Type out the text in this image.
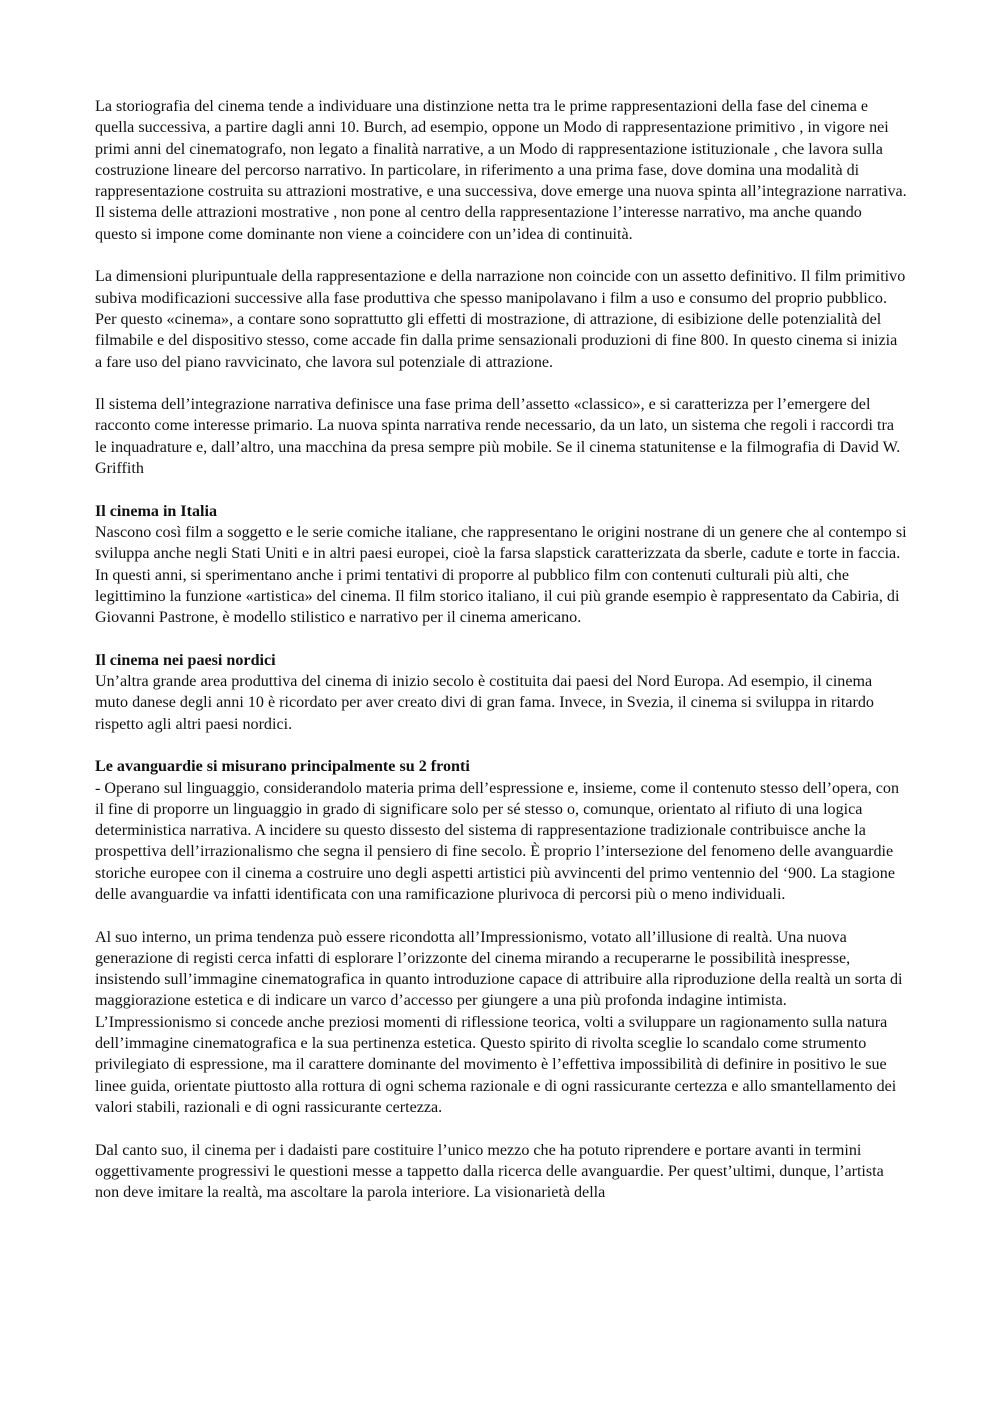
La storiografia del cinema tende a individuare una distinzione netta tra le prime rappresentazioni della fase del cinema e quella successiva, a partire dagli anni 10. Burch, ad esempio, oppone un Modo di rappresentazione primitivo , in vigore nei primi anni del cinematografo, non legato a finalità narrative, a un Modo di rappresentazione istituzionale , che lavora sulla costruzione lineare del percorso narrativo. In particolare, in riferimento a una prima fase, dove domina una modalità di rappresentazione costruita su attrazioni mostrative, e una successiva, dove emerge una nuova spinta all’integrazione narrativa. Il sistema delle attrazioni mostrative , non pone al centro della rappresentazione l’interesse narrativo, ma anche quando questo si impone come dominante non viene a coincidere con un’idea di continuità.
La dimensioni pluripuntuale della rappresentazione e della narrazione non coincide con un assetto definitivo. Il film primitivo subiva modificazioni successive alla fase produttiva che spesso manipolavano i film a uso e consumo del proprio pubblico. Per questo «cinema», a contare sono soprattutto gli effetti di mostrazione, di attrazione, di esibizione delle potenzialità del filmabile e del dispositivo stesso, come accade fin dalla prime sensazionali produzioni di fine 800. In questo cinema si inizia a fare uso del piano ravvicinato, che lavora sul potenziale di attrazione.
Il sistema dell’integrazione narrativa definisce una fase prima dell’assetto «classico», e si caratterizza per l’emergere del racconto come interesse primario. La nuova spinta narrativa rende necessario, da un lato, un sistema che regoli i raccordi tra le inquadrature e, dall’altro, una macchina da presa sempre più mobile. Se il cinema statunitense e la filmografia di David W. Griffith
Il cinema in Italia
Nascono così film a soggetto e le serie comiche italiane, che rappresentano le origini nostrane di un genere che al contempo si sviluppa anche negli Stati Uniti e in altri paesi europei, cioè la farsa slapstick caratterizzata da sberle, cadute e torte in faccia. In questi anni, si sperimentano anche i primi tentativi di proporre al pubblico film con contenuti culturali più alti, che legittimino la funzione «artistica» del cinema. Il film storico italiano, il cui più grande esempio è rappresentato da Cabiria, di Giovanni Pastrone, è modello stilistico e narrativo per il cinema americano.
Il cinema nei paesi nordici
Un’altra grande area produttiva del cinema di inizio secolo è costituita dai paesi del Nord Europa. Ad esempio, il cinema muto danese degli anni 10 è ricordato per aver creato divi di gran fama. Invece, in Svezia, il cinema si sviluppa in ritardo rispetto agli altri paesi nordici.
Le avanguardie si misurano principalmente su 2 fronti
- Operano sul linguaggio, considerandolo materia prima dell’espressione e, insieme, come il contenuto stesso dell’opera, con il fine di proporre un linguaggio in grado di significare solo per sé stesso o, comunque, orientato al rifiuto di una logica deterministica narrativa. A incidere su questo dissesto del sistema di rappresentazione tradizionale contribuisce anche la prospettiva dell’irrazionalismo che segna il pensiero di fine secolo. È proprio l’intersezione del fenomeno delle avanguardie storiche europee con il cinema a costruire uno degli aspetti artistici più avvincenti del primo ventennio del ‘900. La stagione delle avanguardie va infatti identificata con una ramificazione plurivoca di percorsi più o meno individuali.
Al suo interno, un prima tendenza può essere ricondotta all’Impressionismo, votato all’illusione di realtà. Una nuova generazione di registi cerca infatti di esplorare l’orizzonte del cinema mirando a recuperarne le possibilità inespresse, insistendo sull’immagine cinematografica in quanto introduzione capace di attribuire alla riproduzione della realtà un sorta di maggiorazione estetica e di indicare un varco d’accesso per giungere a una più profonda indagine intimista. L’Impressionismo si concede anche preziosi momenti di riflessione teorica, volti a sviluppare un ragionamento sulla natura dell’immagine cinematografica e la sua pertinenza estetica. Questo spirito di rivolta sceglie lo scandalo come strumento privilegiato di espressione, ma il carattere dominante del movimento è l’effettiva impossibilità di definire in positivo le sue linee guida, orientate piuttosto alla rottura di ogni schema razionale e di ogni rassicurante certezza e allo smantellamento dei valori stabili, razionali e di ogni rassicurante certezza.
Dal canto suo, il cinema per i dadaisti pare costituire l’unico mezzo che ha potuto riprendere e portare avanti in termini oggettivamente progressivi le questioni messe a tappetto dalla ricerca delle avanguardie. Per quest’ultimi, dunque, l’artista non deve imitare la realtà, ma ascoltare la parola interiore. La visionarietà della
